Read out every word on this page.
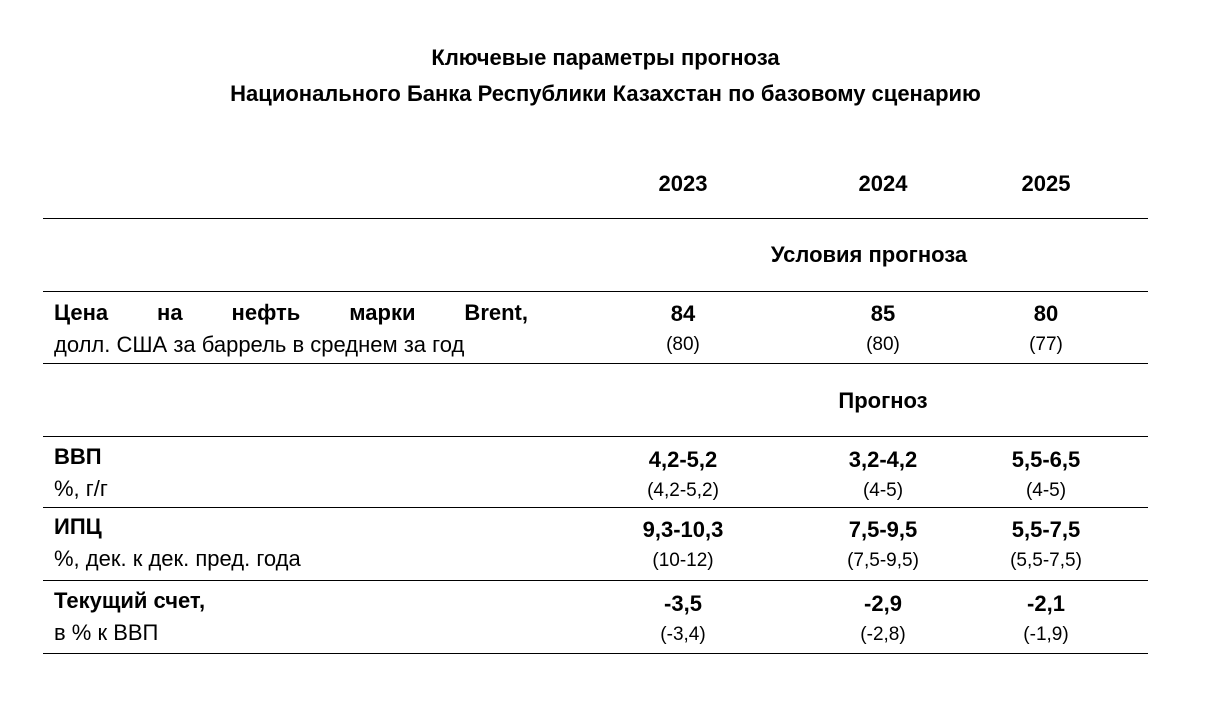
Ключевые параметры прогноза
Национального Банка Республики Казахстан по базовому сценарию
2023	2024	2025
Условия прогноза
Цена на нефть марки Brent,
долл. США за баррель в среднем за год
84
(80)
85
(80)
80
(77)
Прогноз
ВВП
%, г/г
4,2-5,2
(4,2-5,2)
3,2-4,2
(4-5)
5,5-6,5
(4-5)
ИПЦ
%, дек. к дек. пред. года
9,3-10,3
(10-12)
7,5-9,5
(7,5-9,5)
5,5-7,5
(5,5-7,5)
Текущий счет,
в % к ВВП
-3,5
(-3,4)
-2,9
(-2,8)
-2,1
(-1,9)
